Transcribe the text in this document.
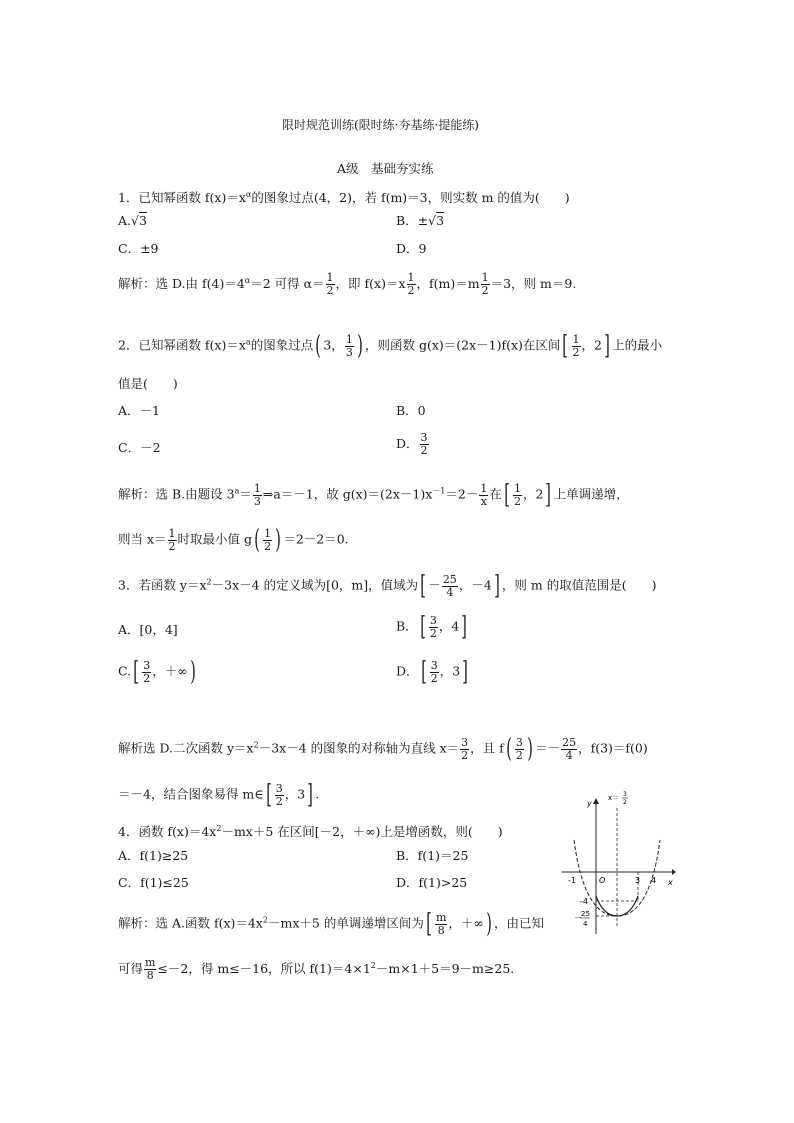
限时规范训练(限时练·夯基练·提能练)
A级　基础夯实练
1．已知幂函数 $f(x)=x^\alpha$的图象过点(4，2)，若 f(m)＝3，则实数 m 的值为(　　)
A.√3	B．±√3
C．±9	D．9
解析：选 D.由 $f(4)=4^\alpha=2$ 可得 $\alpha= \frac{1}{2}$ ，即 $f(x)=x \frac{1}{2}$ ，$f(m)=m \frac{1}{2} =3$，则 m＝9.
2．已知幂函数 $f(x)=x^a$的图象过点( 3， $\frac{1}{3}$ ) ，则函数 g(x)＝(2x－1)f(x)在区间[ $\frac{1}{2}$ ，2] 上的最小
值是(　　)
A．－1	B．0
C．－2	D． $\frac{3}{2}$
解析：选 B.由题设 $3^a= \frac{1}{3}$ ⇒a＝－1，故 $g(x)=(2x-1)x^{-1}=2- \frac{1}{x}$ 在[ $\frac{1}{2}$ ，2] 上单调递增，
则当 $x= \frac{1}{2}$ 时取最小值 $g( \frac{1}{2}$ ) ＝2－2＝0.
3．若函数 $y=x^2-3x-4$ 的定义域为[0，m]，值域为[ － $\frac{25}{4}$ ，－4] ，则 m 的取值范围是(　　)
A．[0，4]	B．[ $\frac{3}{2}$ ，4]
$C.[ \frac{3}{2}$ ，＋∞)	D．[ $\frac{3}{2}$ ，3]
解析选 D.二次函数 $y=x^2-3x-4$ 的图象的对称轴为直线 $x= \frac{3}{2}$ ，且 $f( \frac{3}{2}$ ) ＝－ $\frac{25}{4}$ ，f(3)＝f(0)
＝－4，结合图象易得 m∈[ $\frac{3}{2}$ ，3] .
4．函数 $f(x)=4x^2-mx+5$ 在区间[－2，＋∞)上是增函数，则(　　)
A．f(1)≥25	B．f(1)＝25
C．f(1)≤25	D．f(1)>25
解析：选 A.函数 $f(x)=4x^2-mx+5$ 的单调递增区间为[ $\frac{m}{8}$ ，＋∞) ，由已知
可得 $\frac{m}{8} \le-2$，得 m≤－16，所以 $f(1)=4\times 1^2-m\times 1+5=9-m\ge 25$.
y
x
O
x＝ 3
2
-1	3 4
-4
－ 25
4
